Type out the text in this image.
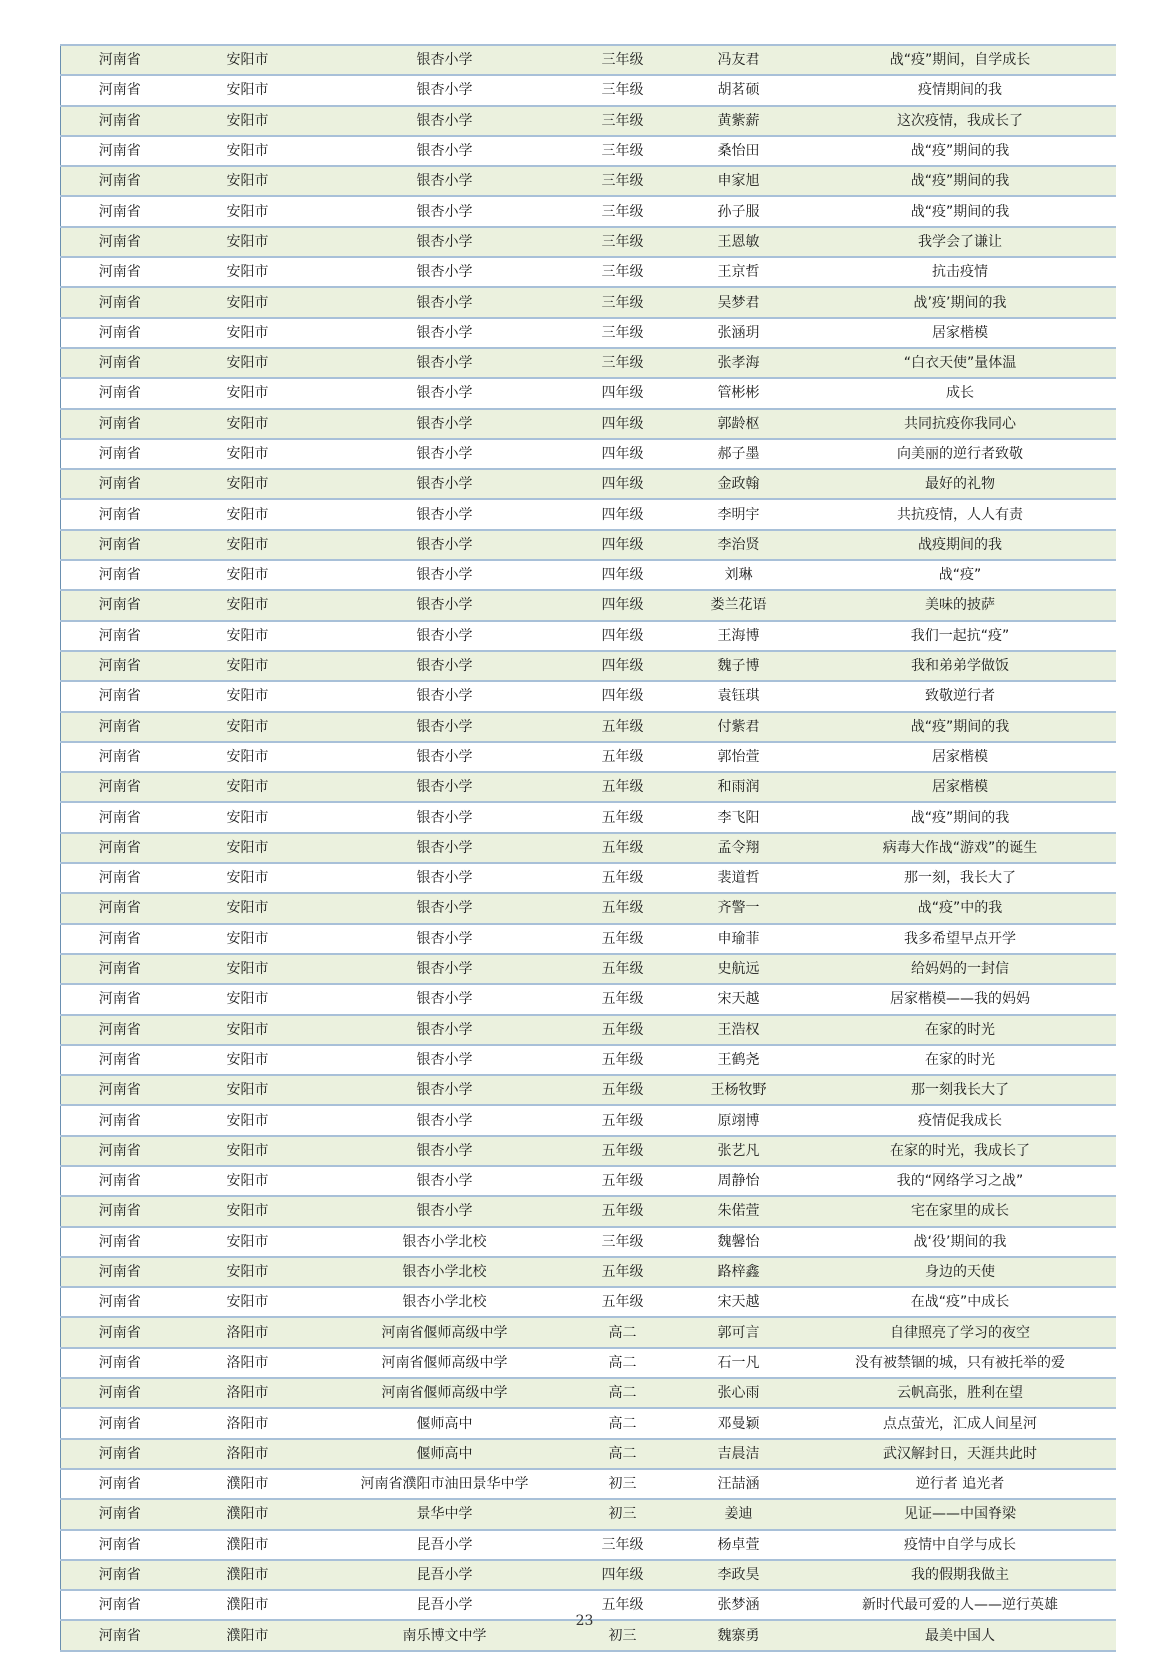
河南省	安阳市	银杏小学	三年级	冯友君	战“疫”期间，自学成长
河南省	安阳市	银杏小学	三年级	胡茗硕	疫情期间的我
河南省	安阳市	银杏小学	三年级	黄紫薪	这次疫情，我成长了
河南省	安阳市	银杏小学	三年级	桑怡田	战“疫”期间的我
河南省	安阳市	银杏小学	三年级	申家旭	战“疫”期间的我
河南省	安阳市	银杏小学	三年级	孙子服	战“疫”期间的我
河南省	安阳市	银杏小学	三年级	王恩敏	我学会了谦让
河南省	安阳市	银杏小学	三年级	王京哲	抗击疫情
河南省	安阳市	银杏小学	三年级	吴梦君	战’疫’期间的我
河南省	安阳市	银杏小学	三年级	张涵玥	居家楷模
河南省	安阳市	银杏小学	三年级	张孝海	“白衣天使”量体温
河南省	安阳市	银杏小学	四年级	管彬彬	成长
河南省	安阳市	银杏小学	四年级	郭龄枢	共同抗疫你我同心
河南省	安阳市	银杏小学	四年级	郝子墨	向美丽的逆行者致敬
河南省	安阳市	银杏小学	四年级	金政翰	最好的礼物
河南省	安阳市	银杏小学	四年级	李明宇	共抗疫情，人人有责
河南省	安阳市	银杏小学	四年级	李治贤	战疫期间的我
河南省	安阳市	银杏小学	四年级	刘琳	战“疫”
河南省	安阳市	银杏小学	四年级	娄兰花语	美味的披萨
河南省	安阳市	银杏小学	四年级	王海博	我们一起抗“疫”
河南省	安阳市	银杏小学	四年级	魏子博	我和弟弟学做饭
河南省	安阳市	银杏小学	四年级	袁钰琪	致敬逆行者
河南省	安阳市	银杏小学	五年级	付紫君	战“疫”期间的我
河南省	安阳市	银杏小学	五年级	郭怡萱	居家楷模
河南省	安阳市	银杏小学	五年级	和雨润	居家楷模
河南省	安阳市	银杏小学	五年级	李飞阳	战“疫”期间的我
河南省	安阳市	银杏小学	五年级	孟令翔	病毒大作战“游戏”的诞生
河南省	安阳市	银杏小学	五年级	裴道哲	那一刻，我长大了
河南省	安阳市	银杏小学	五年级	齐警一	战“疫”中的我
河南省	安阳市	银杏小学	五年级	申瑜菲	我多希望早点开学
河南省	安阳市	银杏小学	五年级	史航远	给妈妈的一封信
河南省	安阳市	银杏小学	五年级	宋天越	居家楷模——我的妈妈
河南省	安阳市	银杏小学	五年级	王浩权	在家的时光
河南省	安阳市	银杏小学	五年级	王鹤尧	在家的时光
河南省	安阳市	银杏小学	五年级	王杨牧野	那一刻我长大了
河南省	安阳市	银杏小学	五年级	原翊博	疫情促我成长
河南省	安阳市	银杏小学	五年级	张艺凡	在家的时光，我成长了
河南省	安阳市	银杏小学	五年级	周静怡	我的“网络学习之战”
河南省	安阳市	银杏小学	五年级	朱偌萱	宅在家里的成长
河南省	安阳市	银杏小学北校	三年级	魏馨怡	战‘役’期间的我
河南省	安阳市	银杏小学北校	五年级	路梓鑫	身边的天使
河南省	安阳市	银杏小学北校	五年级	宋天越	在战“疫”中成长
河南省	洛阳市	河南省偃师高级中学	高二	郭可言	自律照亮了学习的夜空
河南省	洛阳市	河南省偃师高级中学	高二	石一凡	没有被禁锢的城，只有被托举的爱
河南省	洛阳市	河南省偃师高级中学	高二	张心雨	云帆高张，胜利在望
河南省	洛阳市	偃师高中	高二	邓曼颖	点点萤光，汇成人间星河
河南省	洛阳市	偃师高中	高二	吉晨洁	武汉解封日，天涯共此时
河南省	濮阳市	河南省濮阳市油田景华中学	初三	汪喆涵	逆行者 追光者
河南省	濮阳市	景华中学	初三	姜迪	见证——中国脊梁
河南省	濮阳市	昆吾小学	三年级	杨卓萱	疫情中自学与成长
河南省	濮阳市	昆吾小学	四年级	李政昊	我的假期我做主
河南省	濮阳市	昆吾小学	五年级	张梦涵	新时代最可爱的人——逆行英雄
河南省	濮阳市	南乐博文中学	初三	魏寨勇	最美中国人
23
